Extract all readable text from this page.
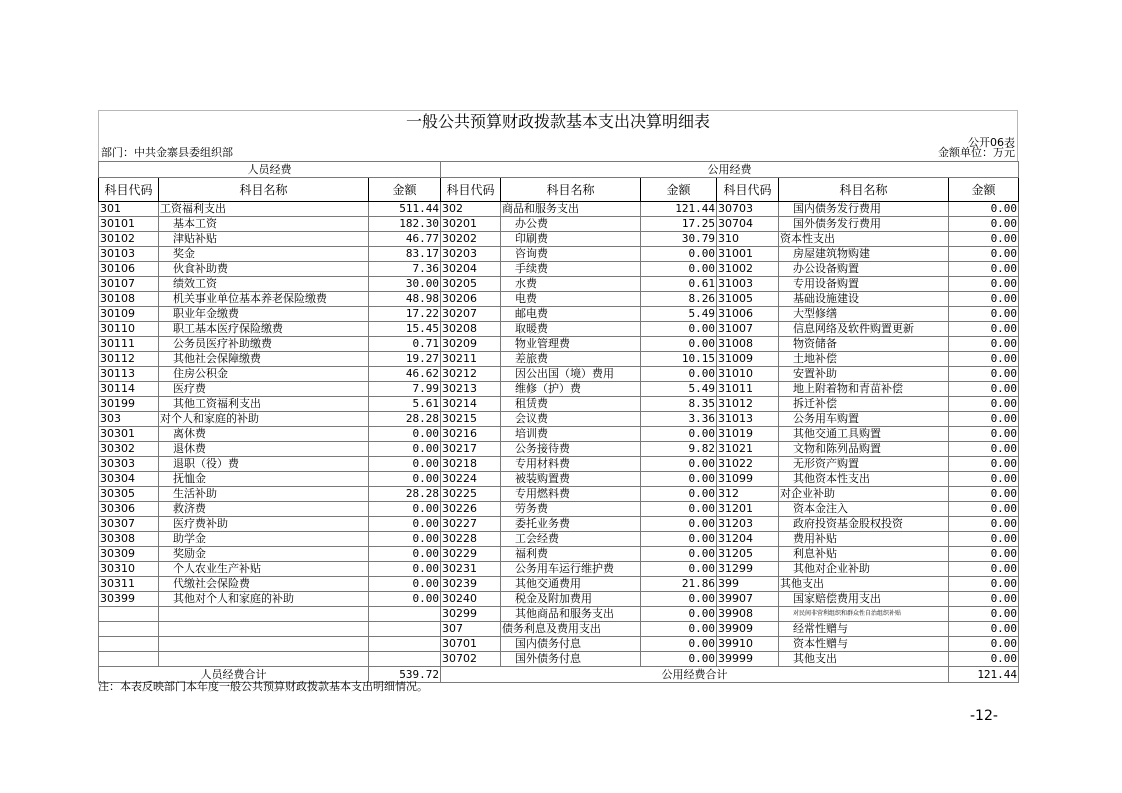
一般公共预算财政拨款基本支出决算明细表
公开06表
部门：中共金寨县委组织部	金额单位：万元
人员经费			公用经费					
科目代码	科目名称	金额	科目代码	科目名称	金额	科目代码	科目名称	金额
301	工资福利支出	511.44	302	商品和服务支出	121.44	30703	国内债务发行费用	0.00
30101	基本工资	182.30	30201	办公费	17.25	30704	国外债务发行费用	0.00
30102	津贴补贴	46.77	30202	印刷费	30.79	310	资本性支出	0.00
30103	奖金	83.17	30203	咨询费	0.00	31001	房屋建筑物购建	0.00
30106	伙食补助费	7.36	30204	手续费	0.00	31002	办公设备购置	0.00
30107	绩效工资	30.00	30205	水费	0.61	31003	专用设备购置	0.00
30108	机关事业单位基本养老保险缴费	48.98	30206	电费	8.26	31005	基础设施建设	0.00
30109	职业年金缴费	17.22	30207	邮电费	5.49	31006	大型修缮	0.00
30110	职工基本医疗保险缴费	15.45	30208	取暖费	0.00	31007	信息网络及软件购置更新	0.00
30111	公务员医疗补助缴费	0.71	30209	物业管理费	0.00	31008	物资储备	0.00
30112	其他社会保障缴费	19.27	30211	差旅费	10.15	31009	土地补偿	0.00
30113	住房公积金	46.62	30212	因公出国（境）费用	0.00	31010	安置补助	0.00
30114	医疗费	7.99	30213	维修（护）费	5.49	31011	地上附着物和青苗补偿	0.00
30199	其他工资福利支出	5.61	30214	租赁费	8.35	31012	拆迁补偿	0.00
303	对个人和家庭的补助	28.28	30215	会议费	3.36	31013	公务用车购置	0.00
30301	离休费	0.00	30216	培训费	0.00	31019	其他交通工具购置	0.00
30302	退休费	0.00	30217	公务接待费	9.82	31021	文物和陈列品购置	0.00
30303	退职（役）费	0.00	30218	专用材料费	0.00	31022	无形资产购置	0.00
30304	抚恤金	0.00	30224	被装购置费	0.00	31099	其他资本性支出	0.00
30305	生活补助	28.28	30225	专用燃料费	0.00	312	对企业补助	0.00
30306	救济费	0.00	30226	劳务费	0.00	31201	资本金注入	0.00
30307	医疗费补助	0.00	30227	委托业务费	0.00	31203	政府投资基金股权投资	0.00
30308	助学金	0.00	30228	工会经费	0.00	31204	费用补贴	0.00
30309	奖励金	0.00	30229	福利费	0.00	31205	利息补贴	0.00
30310	个人农业生产补贴	0.00	30231	公务用车运行维护费	0.00	31299	其他对企业补助	0.00
30311	代缴社会保险费	0.00	30239	其他交通费用	21.86	399	其他支出	0.00
30399	其他对个人和家庭的补助	0.00	30240	税金及附加费用	0.00	39907	国家赔偿费用支出	0.00
			30299	其他商品和服务支出	0.00	39908	对民间非营利组织和群众性自治组织补贴	0.00
			307	债务利息及费用支出	0.00	39909	经常性赠与	0.00
			30701	国内债务付息	0.00	39910	资本性赠与	0.00
			30702	国外债务付息	0.00	39999	其他支出	0.00
人员经费合计		539.72	公用经费合计					121.44
注：本表反映部门本年度一般公共预算财政拨款基本支出明细情况。
-12-
